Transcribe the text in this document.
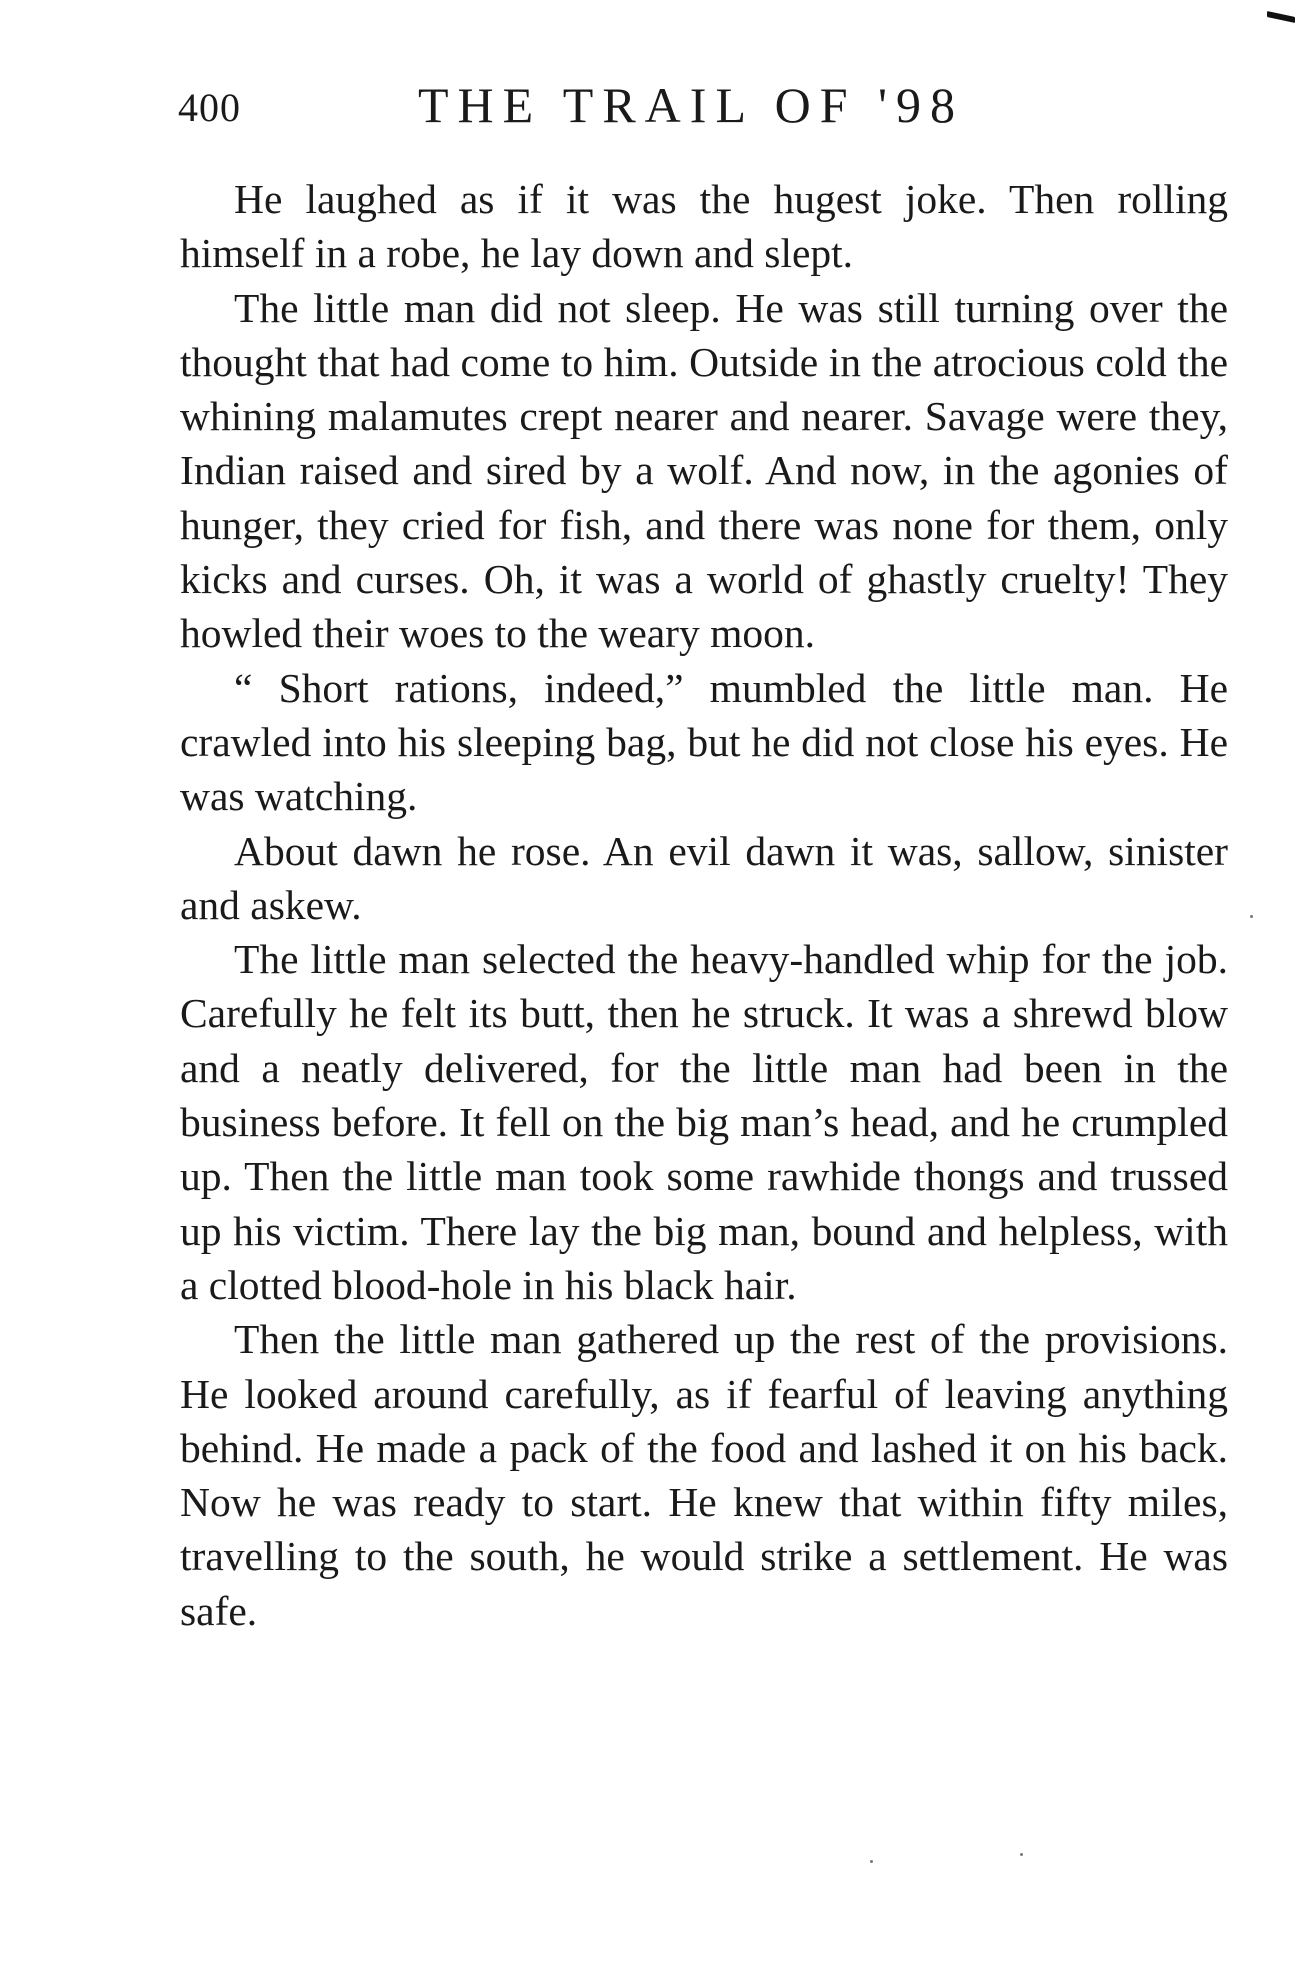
400	THE TRAIL OF '98

He laughed as if it was the hugest joke. Then rolling himself in a robe, he lay down and slept.

The little man did not sleep. He was still turning over the thought that had come to him. Outside in the atrocious cold the whining malamutes crept nearer and nearer. Savage were they, Indian raised and sired by a wolf. And now, in the agonies of hunger, they cried for fish, and there was none for them, only kicks and curses. Oh, it was a world of ghastly cruelty! They howled their woes to the weary moon.

“ Short rations, indeed,” mumbled the little man. He crawled into his sleeping bag, but he did not close his eyes. He was watching.

About dawn he rose. An evil dawn it was, sallow, sinister and askew.

The little man selected the heavy-handled whip for the job. Carefully he felt its butt, then he struck. It was a shrewd blow and a neatly delivered, for the little man had been in the business before. It fell on the big man’s head, and he crumpled up. Then the little man took some rawhide thongs and trussed up his victim. There lay the big man, bound and helpless, with a clotted blood-hole in his black hair.

Then the little man gathered up the rest of the provisions. He looked around carefully, as if fearful of leaving anything behind. He made a pack of the food and lashed it on his back. Now he was ready to start. He knew that within fifty miles, travelling to the south, he would strike a settlement. He was safe.
